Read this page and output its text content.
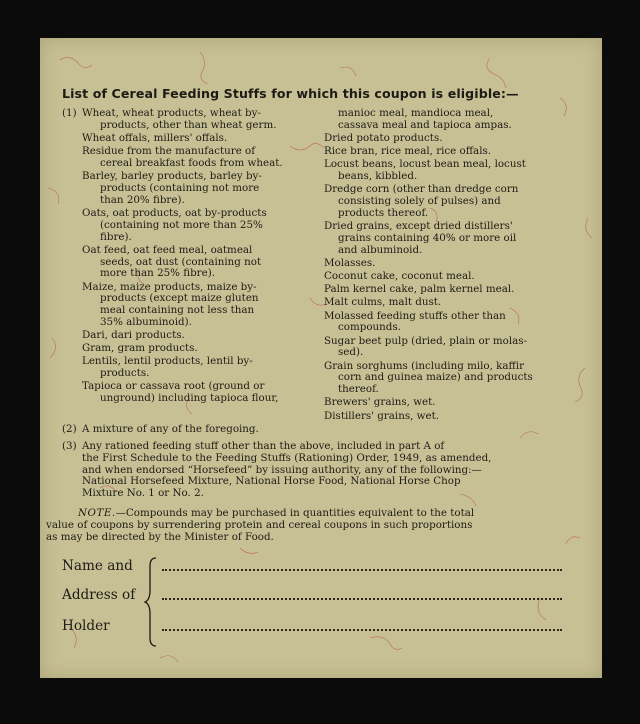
List of Cereal Feeding Stuffs for which this coupon is eligible:—
(1) Wheat, wheat products, wheat by-
products, other than wheat germ.
Wheat offals, millers' offals.
Residue from the manufacture of
cereal breakfast foods from wheat.
Barley, barley products, barley by-
products (containing not more
than 20% fibre).
Oats, oat products, oat by-products
(containing not more than 25%
fibre).
Oat feed, oat feed meal, oatmeal
seeds, oat dust (containing not
more than 25% fibre).
Maize, maize products, maize by-
products (except maize gluten
meal containing not less than
35% albuminoid).
Dari, dari products.
Gram, gram products.
Lentils, lentil products, lentil by-
products.
Tapioca or cassava root (ground or
unground) including tapioca flour,
manioc meal, mandioca meal,
cassava meal and tapioca ampas.
Dried potato products.
Rice bran, rice meal, rice offals.
Locust beans, locust bean meal, locust
beans, kibbled.
Dredge corn (other than dredge corn
consisting solely of pulses) and
products thereof.
Dried grains, except dried distillers'
grains containing 40% or more oil
and albuminoid.
Molasses.
Coconut cake, coconut meal.
Palm kernel cake, palm kernel meal.
Malt culms, malt dust.
Molassed feeding stuffs other than
compounds.
Sugar beet pulp (dried, plain or molas-
sed).
Grain sorghums (including milo, kaffir
corn and guinea maize) and products
thereof.
Brewers' grains, wet.
Distillers' grains, wet.
(2) A mixture of any of the foregoing.
(3) Any rationed feeding stuff other than the above, included in part A of
the First Schedule to the Feeding Stuffs (Rationing) Order, 1949, as amended,
and when endorsed “Horsefeed” by issuing authority, any of the following:—
National Horsefeed Mixture, National Horse Food, National Horse Chop
Mixture No. 1 or No. 2.
NOTE.—Compounds may be purchased in quantities equivalent to the total
value of coupons by surrendering protein and cereal coupons in such proportions
as may be directed by the Minister of Food.
Name and
Address of
Holder
